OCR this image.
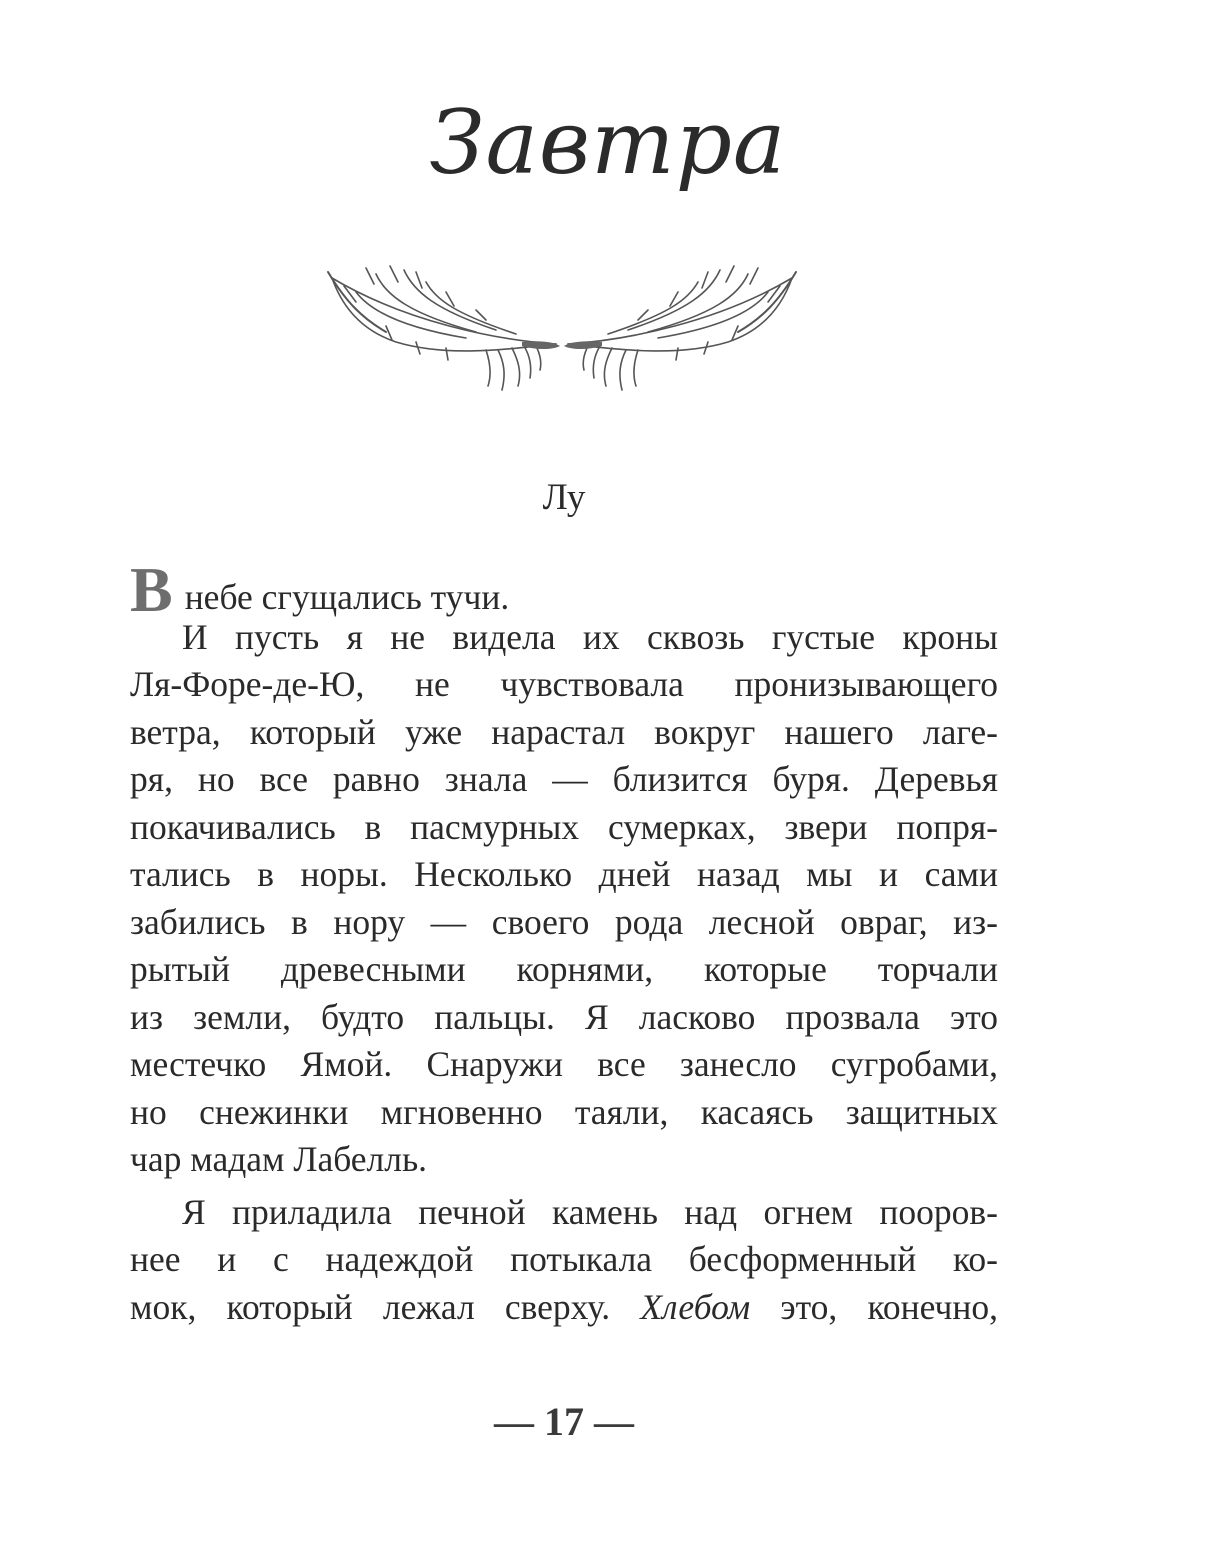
Завтра
Лу
Внебе сгущались тучи.
И пусть я не видела их сквозь густые кроны
Ля-Форе-де-Ю, не чувствовала пронизывающего
ветра, который уже нарастал вокруг нашего лаге-
ря, но все равно знала — близится буря. Деревья
покачивались в пасмурных сумерках, звери попря-
тались в норы. Несколько дней назад мы и сами
забились в нору — своего рода лесной овраг, из-
рытый древесными корнями, которые торчали
из земли, будто пальцы. Я ласково прозвала это
местечко Ямой. Снаружи все занесло сугробами,
но снежинки мгновенно таяли, касаясь защитных
чар мадам Лабелль.
Я приладила печной камень над огнем пооров-
нее и с надеждой потыкала бесформенный ко-
мок, который лежал сверху. Хлебом это, конечно,
— 17 —
